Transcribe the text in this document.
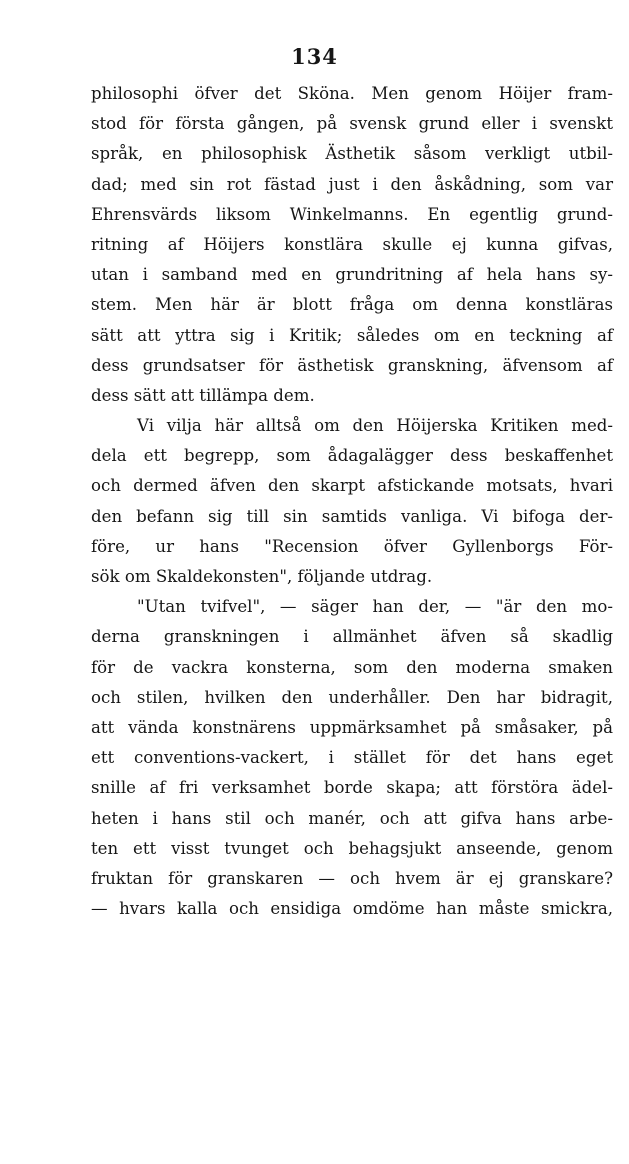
134
philosophi öfver det Sköna. Men genom Höijer fram-
stod för första gången, på svensk grund eller i svenskt
språk, en philosophisk Ästhetik såsom verkligt utbil-
dad; med sin rot fästad just i den åskådning, som var
Ehrensvärds liksom Winkelmanns. En egentlig grund-
ritning af Höijers konstlära skulle ej kunna gifvas,
utan i samband med en grundritning af hela hans sy-
stem. Men här är blott fråga om denna konstläras
sätt att yttra sig i Kritik; således om en teckning af
dess grundsatser för ästhetisk granskning, äfvensom af
dess sätt att tillämpa dem.
Vi vilja här alltså om den Höijerska Kritiken med-
dela ett begrepp, som ådagalägger dess beskaffenhet
och dermed äfven den skarpt afstickande motsats, hvari
den befann sig till sin samtids vanliga. Vi bifoga der-
före, ur hans "Recension öfver Gyllenborgs För-
sök om Skaldekonsten", följande utdrag.
"Utan tvifvel", — säger han der, — "är den mo-
derna granskningen i allmänhet äfven så skadlig
för de vackra konsterna, som den moderna smaken
och stilen, hvilken den underhåller. Den har bidragit,
att vända konstnärens uppmärksamhet på småsaker, på
ett conventions-vackert, i stället för det hans eget
snille af fri verksamhet borde skapa; att förstöra ädel-
heten i hans stil och manér, och att gifva hans arbe-
ten ett visst tvunget och behagsjukt anseende, genom
fruktan för granskaren — och hvem är ej granskare?
— hvars kalla och ensidiga omdöme han måste smickra,
